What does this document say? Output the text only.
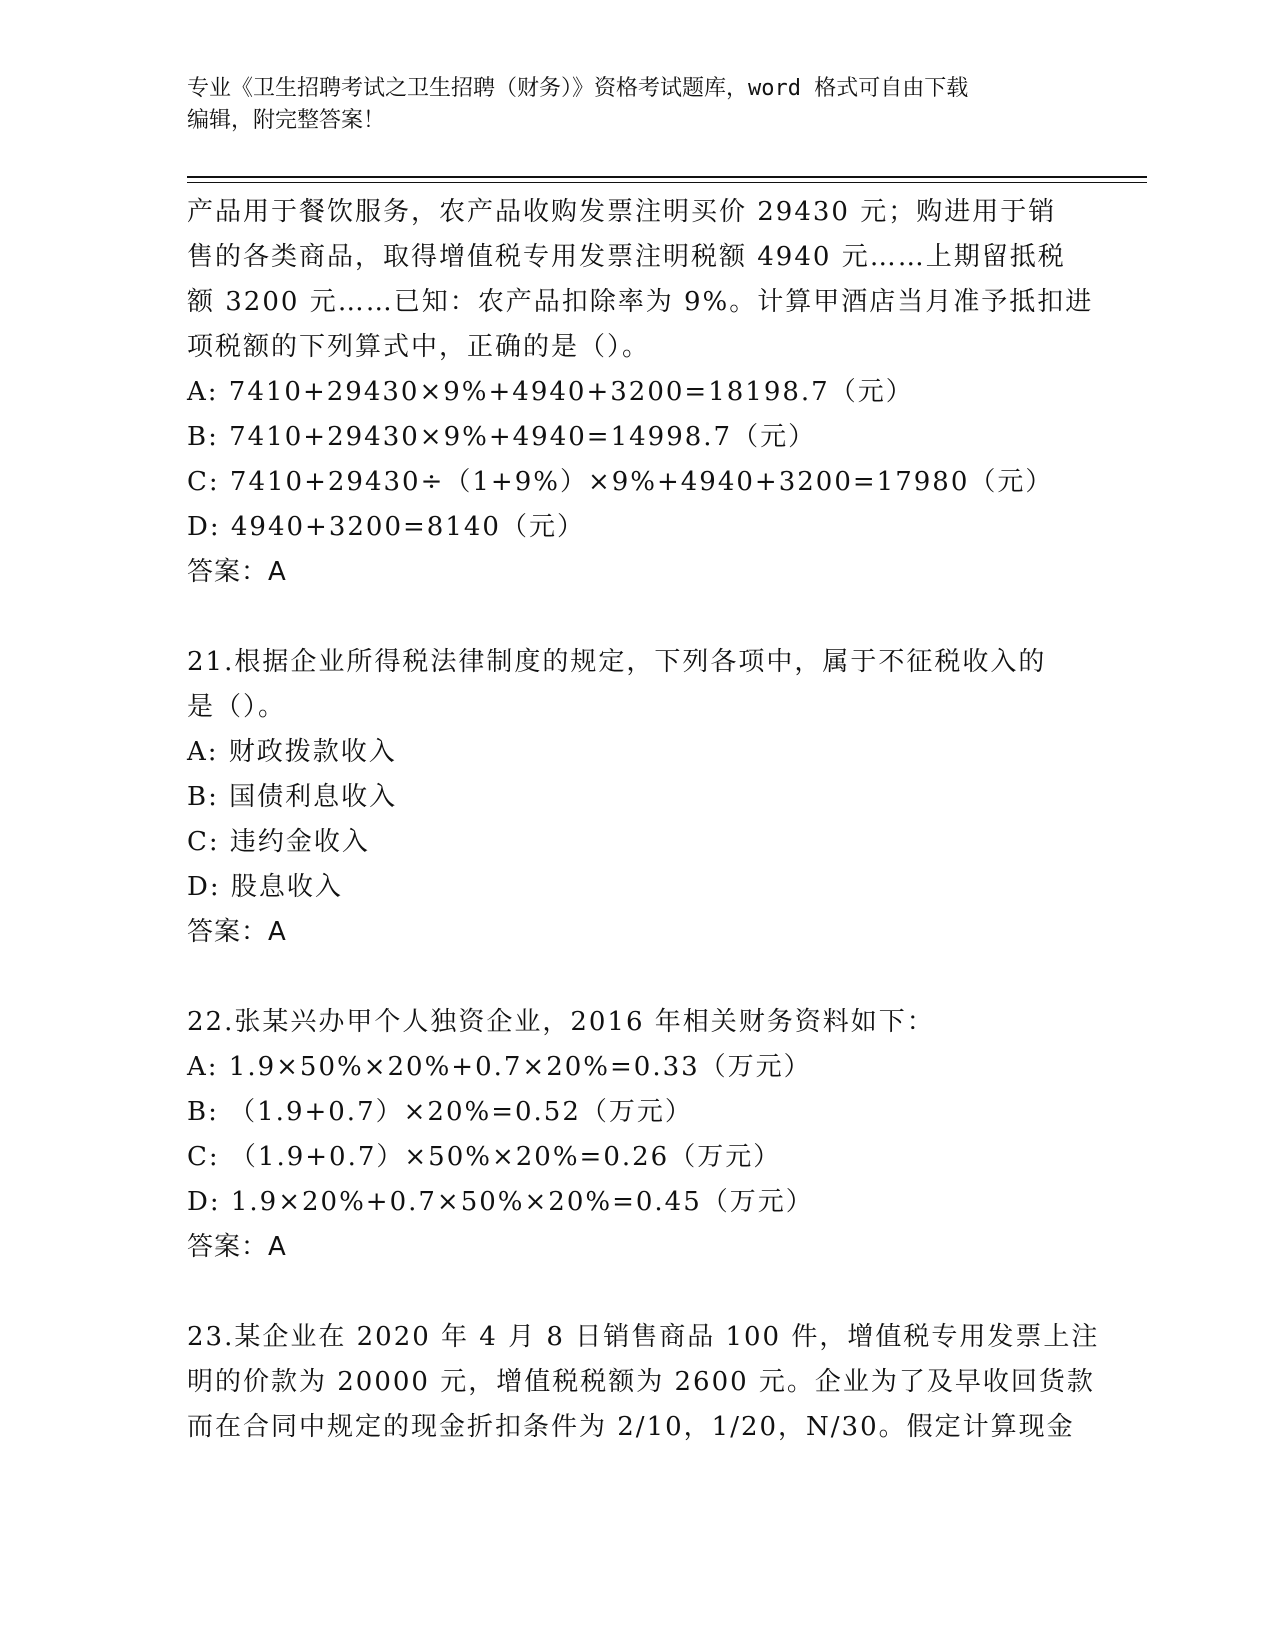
专业《卫生招聘考试之卫生招聘（财务）》资格考试题库，word 格式可自由下载
编辑，附完整答案！
产品用于餐饮服务，农产品收购发票注明买价 29430 元；购进用于销
售的各类商品，取得增值税专用发票注明税额 4940 元……上期留抵税
额 3200 元……已知：农产品扣除率为 9%。计算甲酒店当月准予抵扣进
项税额的下列算式中，正确的是（）。
A: 7410+29430×9%+4940+3200=18198.7（元）
B: 7410+29430×9%+4940=14998.7（元）
C: 7410+29430÷（1+9%）×9%+4940+3200=17980（元）
D: 4940+3200=8140（元）
答案：A
21.根据企业所得税法律制度的规定，下列各项中，属于不征税收入的
是（）。
A: 财政拨款收入
B: 国债利息收入
C: 违约金收入
D: 股息收入
答案：A
22.张某兴办甲个人独资企业，2016 年相关财务资料如下：
A: 1.9×50%×20%+0.7×20%=0.33（万元）
B: （1.9+0.7）×20%=0.52（万元）
C: （1.9+0.7）×50%×20%=0.26（万元）
D: 1.9×20%+0.7×50%×20%=0.45（万元）
答案：A
23.某企业在 2020 年 4 月 8 日销售商品 100 件，增值税专用发票上注
明的价款为 20000 元，增值税税额为 2600 元。企业为了及早收回货款
而在合同中规定的现金折扣条件为 2/10，1/20，N/30。假定计算现金
